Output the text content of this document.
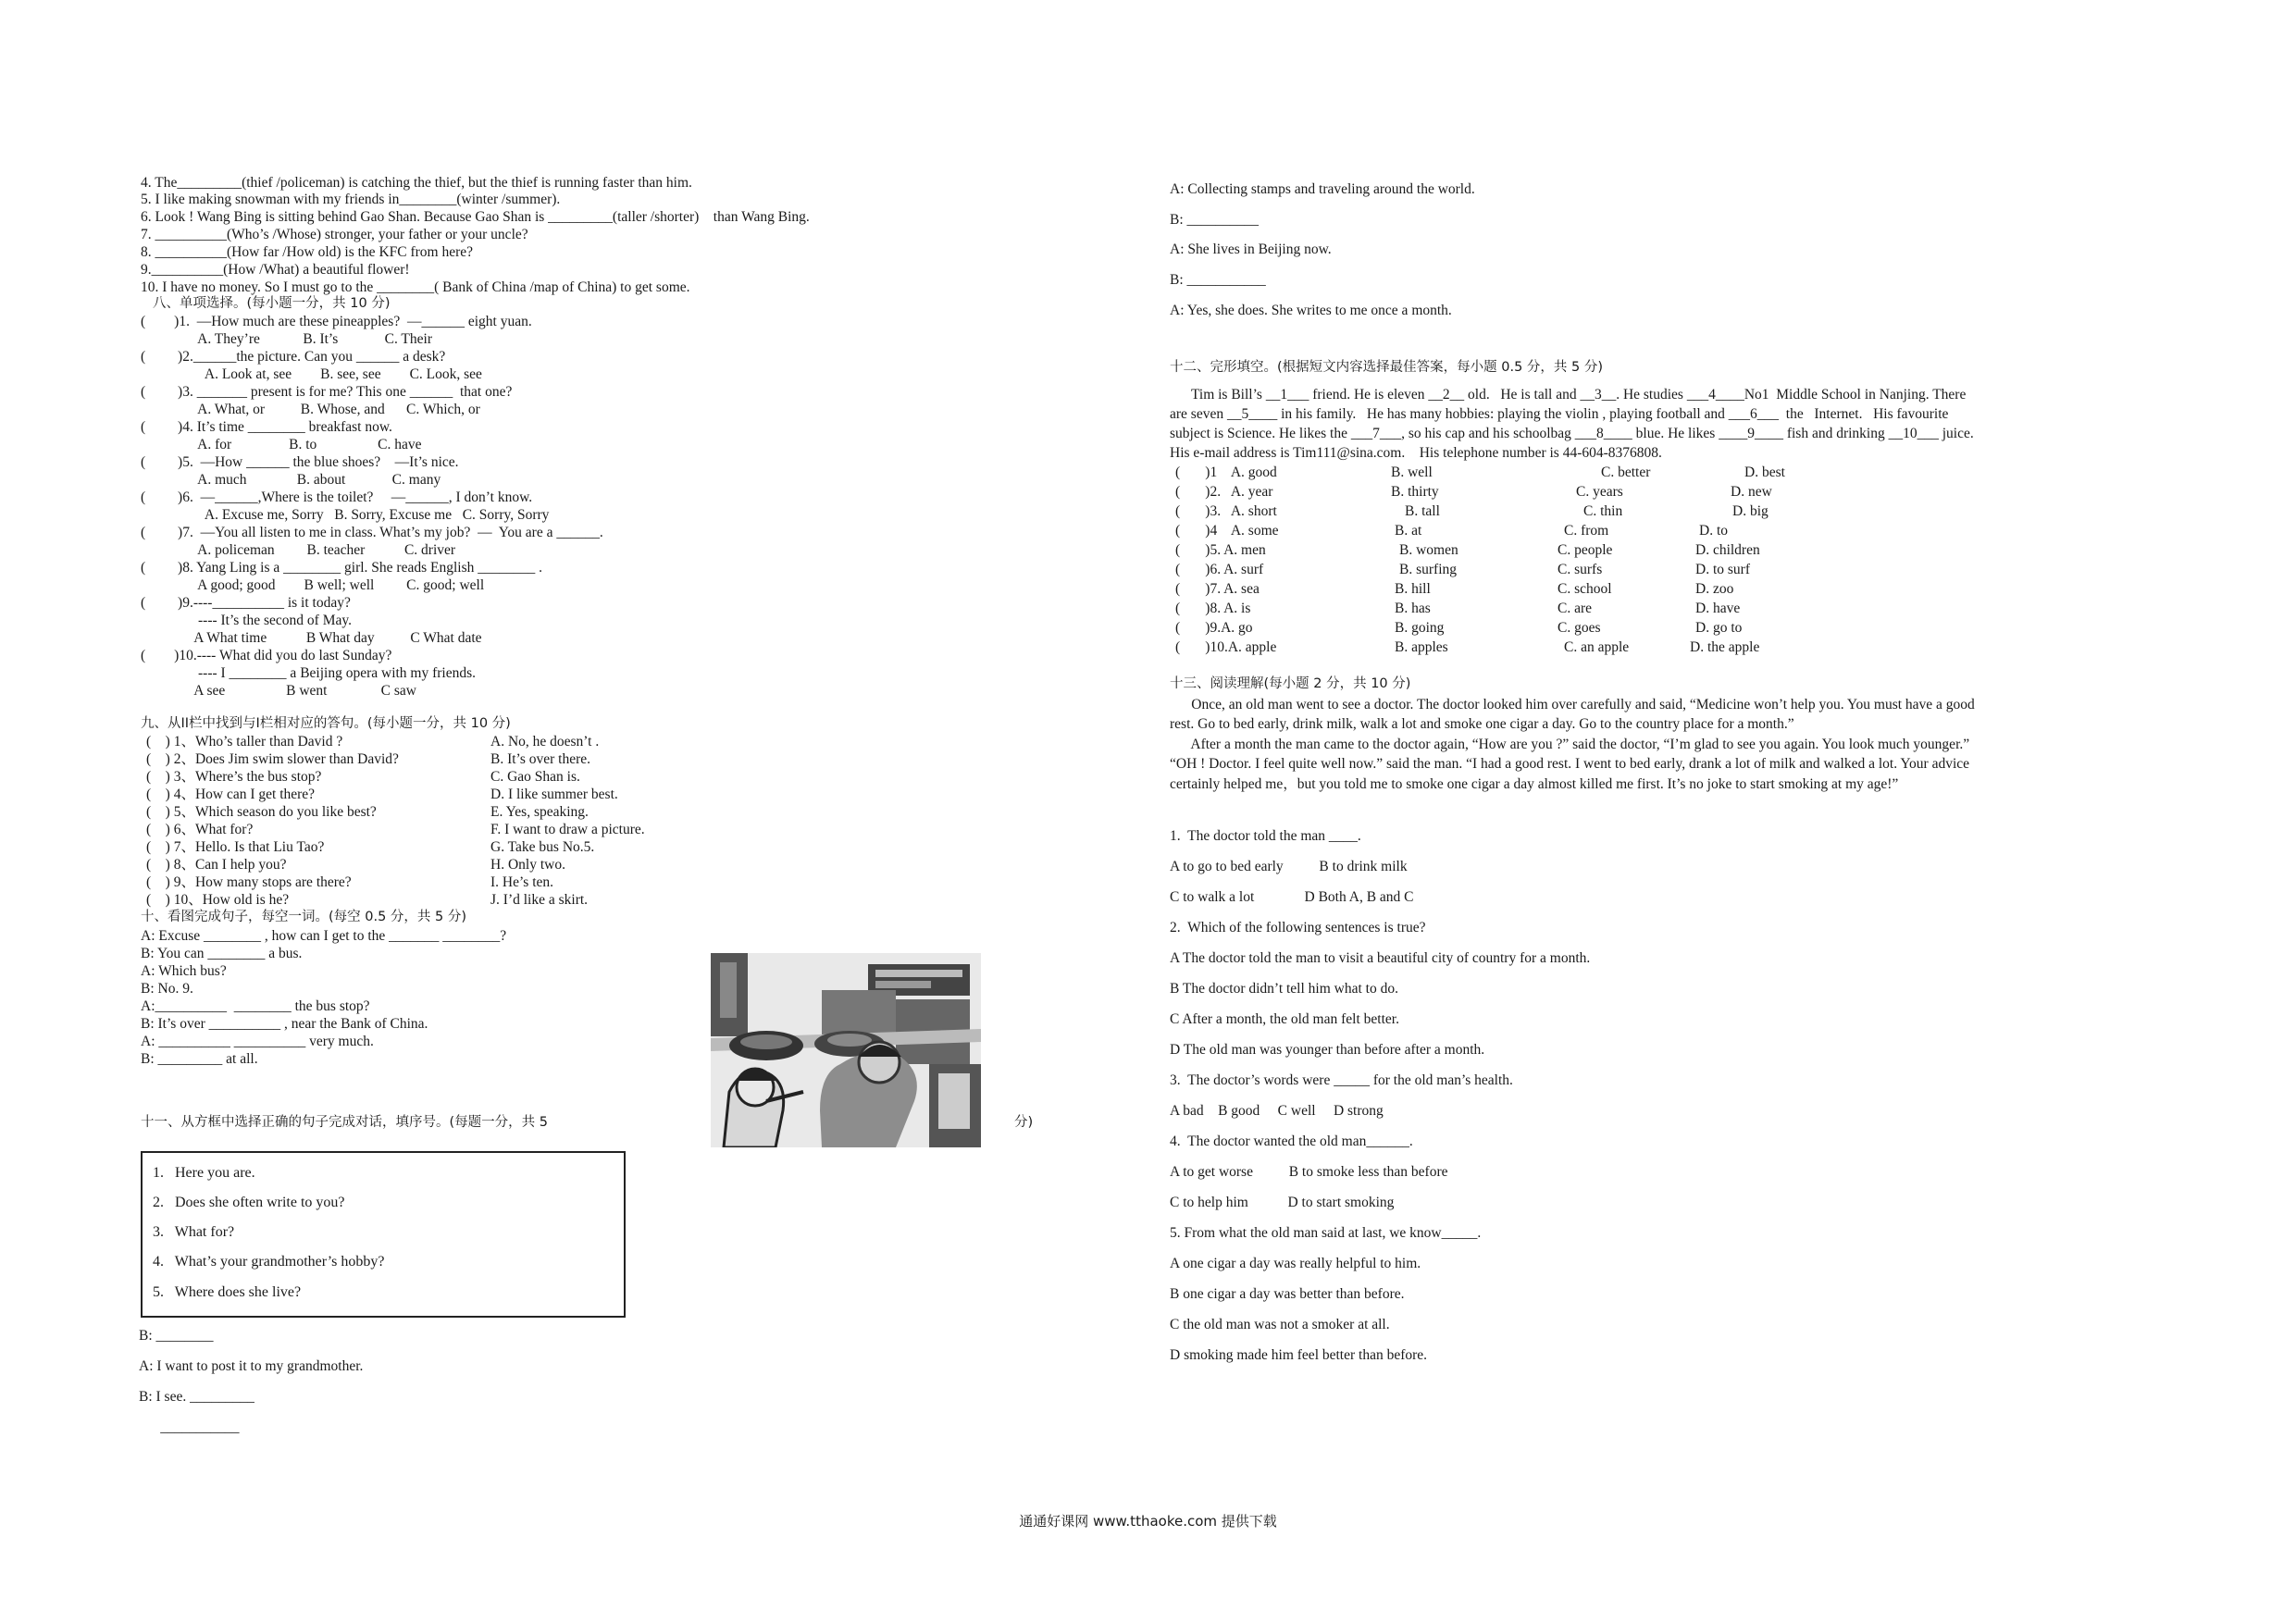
4. The_________(thief /policeman) is catching the thief, but the thief is running faster than him.
5. I like making snowman with my friends in________(winter /summer).
6. Look ! Wang Bing is sitting behind Gao Shan. Because Gao Shan is _________(taller /shorter)    than Wang Bing.
7. __________(Who’s /Whose) stronger, your father or your uncle?
8. __________(How far /How old) is the KFC from here?
9.__________(How /What) a beautiful flower!
10. I have no money. So I must go to the ________( Bank of China /map of China) to get some.
八、单项选择。(每小题一分，共 10 分)
(        )1.  —How much are these pineapples?  —______ eight yuan.
A. They’re            B. It’s             C. Their
(         )2.______the picture. Can you ______ a desk?
A. Look at, see        B. see, see        C. Look, see
(         )3. _______ present is for me? This one ______  that one?
A. What, or          B. Whose, and      C. Which, or
(         )4. It’s time ________ breakfast now.
A. for                B. to                 C. have
(         )5.  —How ______ the blue shoes?    —It’s nice.
A. much              B. about             C. many
(         )6.  —______,Where is the toilet?     —______, I don’t know.
A. Excuse me, Sorry   B. Sorry, Excuse me   C. Sorry, Sorry
(         )7.  —You all listen to me in class. What’s my job?  —  You are a ______.
A. policeman         B. teacher           C. driver
(         )8. Yang Ling is a ________ girl. She reads English ________ .
A good; good        B well; well         C. good; well
(         )9.----__________ is it today?
---- It’s the second of May.
A What time           B What day          C What date
(        )10.---- What did you do last Sunday?
---- I ________ a Beijing opera with my friends.
A see                 B went               C saw
九、从II栏中找到与I栏相对应的答句。(每小题一分，共 10 分)
(    ) 1、Who’s taller than David ?	A. No, he doesn’t .
(    ) 2、Does Jim swim slower than David?	B. It’s over there.
(    ) 3、Where’s the bus stop?	C. Gao Shan is.
(    ) 4、How can I get there?	D. I like summer best.
(    ) 5、Which season do you like best?	E. Yes, speaking.
(    ) 6、What for?	F. I want to draw a picture.
(    ) 7、Hello. Is that Liu Tao?	G. Take bus No.5.
(    ) 8、Can I help you?	H. Only two.
(    ) 9、How many stops are there?	I. He’s ten.
(    ) 10、How old is he?	J. I’d like a skirt.
十、看图完成句子，每空一词。(每空 0.5 分，共 5 分)
A: Excuse ________ , how can I get to the _______ ________?
B: You can ________ a bus.
A: Which bus?
B: No. 9.
A:__________  ________ the bus stop?
B: It’s over __________ , near the Bank of China.
A: __________ __________ very much.
B: _________ at all.
十一、从方框中选择正确的句子完成对话，填序号。(每题一分，共 5	分)
1.   Here you are.
2.   Does she often write to you?
3.   What for?
4.   What’s your grandmother’s hobby?
5.   Where does she live?
B: ________
A: I want to post it to my grandmother.
B: I see. _________
___________
A: Collecting stamps and traveling around the world.
B: __________
A: She lives in Beijing now.
B: ___________
A: Yes, she does. She writes to me once a month.
十二、完形填空。(根据短文内容选择最佳答案，每小题 0.5 分，共 5 分)
Tim is Bill’s __1___ friend. He is eleven __2__ old.   He is tall and __3__. He studies ___4____No1  Middle School in Nanjing. There
are seven __5____ in his family.   He has many hobbies: playing the violin , playing football and ___6___  the   Internet.   His favourite
subject is Science. He likes the ___7___, so his cap and his schoolbag ___8____ blue. He likes ____9____ fish and drinking __10___ juice.
His e-mail address is Tim111@sina.com.    His telephone number is 44-604-8376808.
(       )1    A. good	B. well	C. better	D. best
(       )2.   A. year	B. thirty	C. years	D. new
(       )3.   A. short	B. tall	C. thin	D. big
(       )4    A. some	B. at	C. from	D. to
(       )5. A. men	B. women	C. people	D. children
(       )6. A. surf	B. surfing	C. surfs	D. to surf
(       )7. A. sea	B. hill	C. school	D. zoo
(       )8. A. is	B. has	C. are	D. have
(       )9.A. go	B. going	C. goes	D. go to
(       )10.A. apple	B. apples	C. an apple	D. the apple
十三、阅读理解(每小题 2 分，共 10 分)
Once, an old man went to see a doctor. The doctor looked him over carefully and said, “Medicine won’t help you. You must have a good
rest. Go to bed early, drink milk, walk a lot and smoke one cigar a day. Go to the country place for a month.”
After a month the man came to the doctor again, “How are you ?” said the doctor, “I’m glad to see you again. You look much younger.”
“OH ! Doctor. I feel quite well now.” said the man. “I had a good rest. I went to bed early, drank a lot of milk and walked a lot. Your advice
certainly helped me，but you told me to smoke one cigar a day almost killed me first. It’s no joke to start smoking at my age!”
1.  The doctor told the man ____.
A to go to bed early          B to drink milk
C to walk a lot              D Both A, B and C
2.  Which of the following sentences is true?
A The doctor told the man to visit a beautiful city of country for a month.
B The doctor didn’t tell him what to do.
C After a month, the old man felt better.
D The old man was younger than before after a month.
3.  The doctor’s words were _____ for the old man’s health.
A bad    B good     C well     D strong
4.  The doctor wanted the old man______.
A to get worse          B to smoke less than before
C to help him           D to start smoking
5. From what the old man said at last, we know_____.
A one cigar a day was really helpful to him.
B one cigar a day was better than before.
C the old man was not a smoker at all.
D smoking made him feel better than before.
通通好课网 www.tthaoke.com 提供下载
